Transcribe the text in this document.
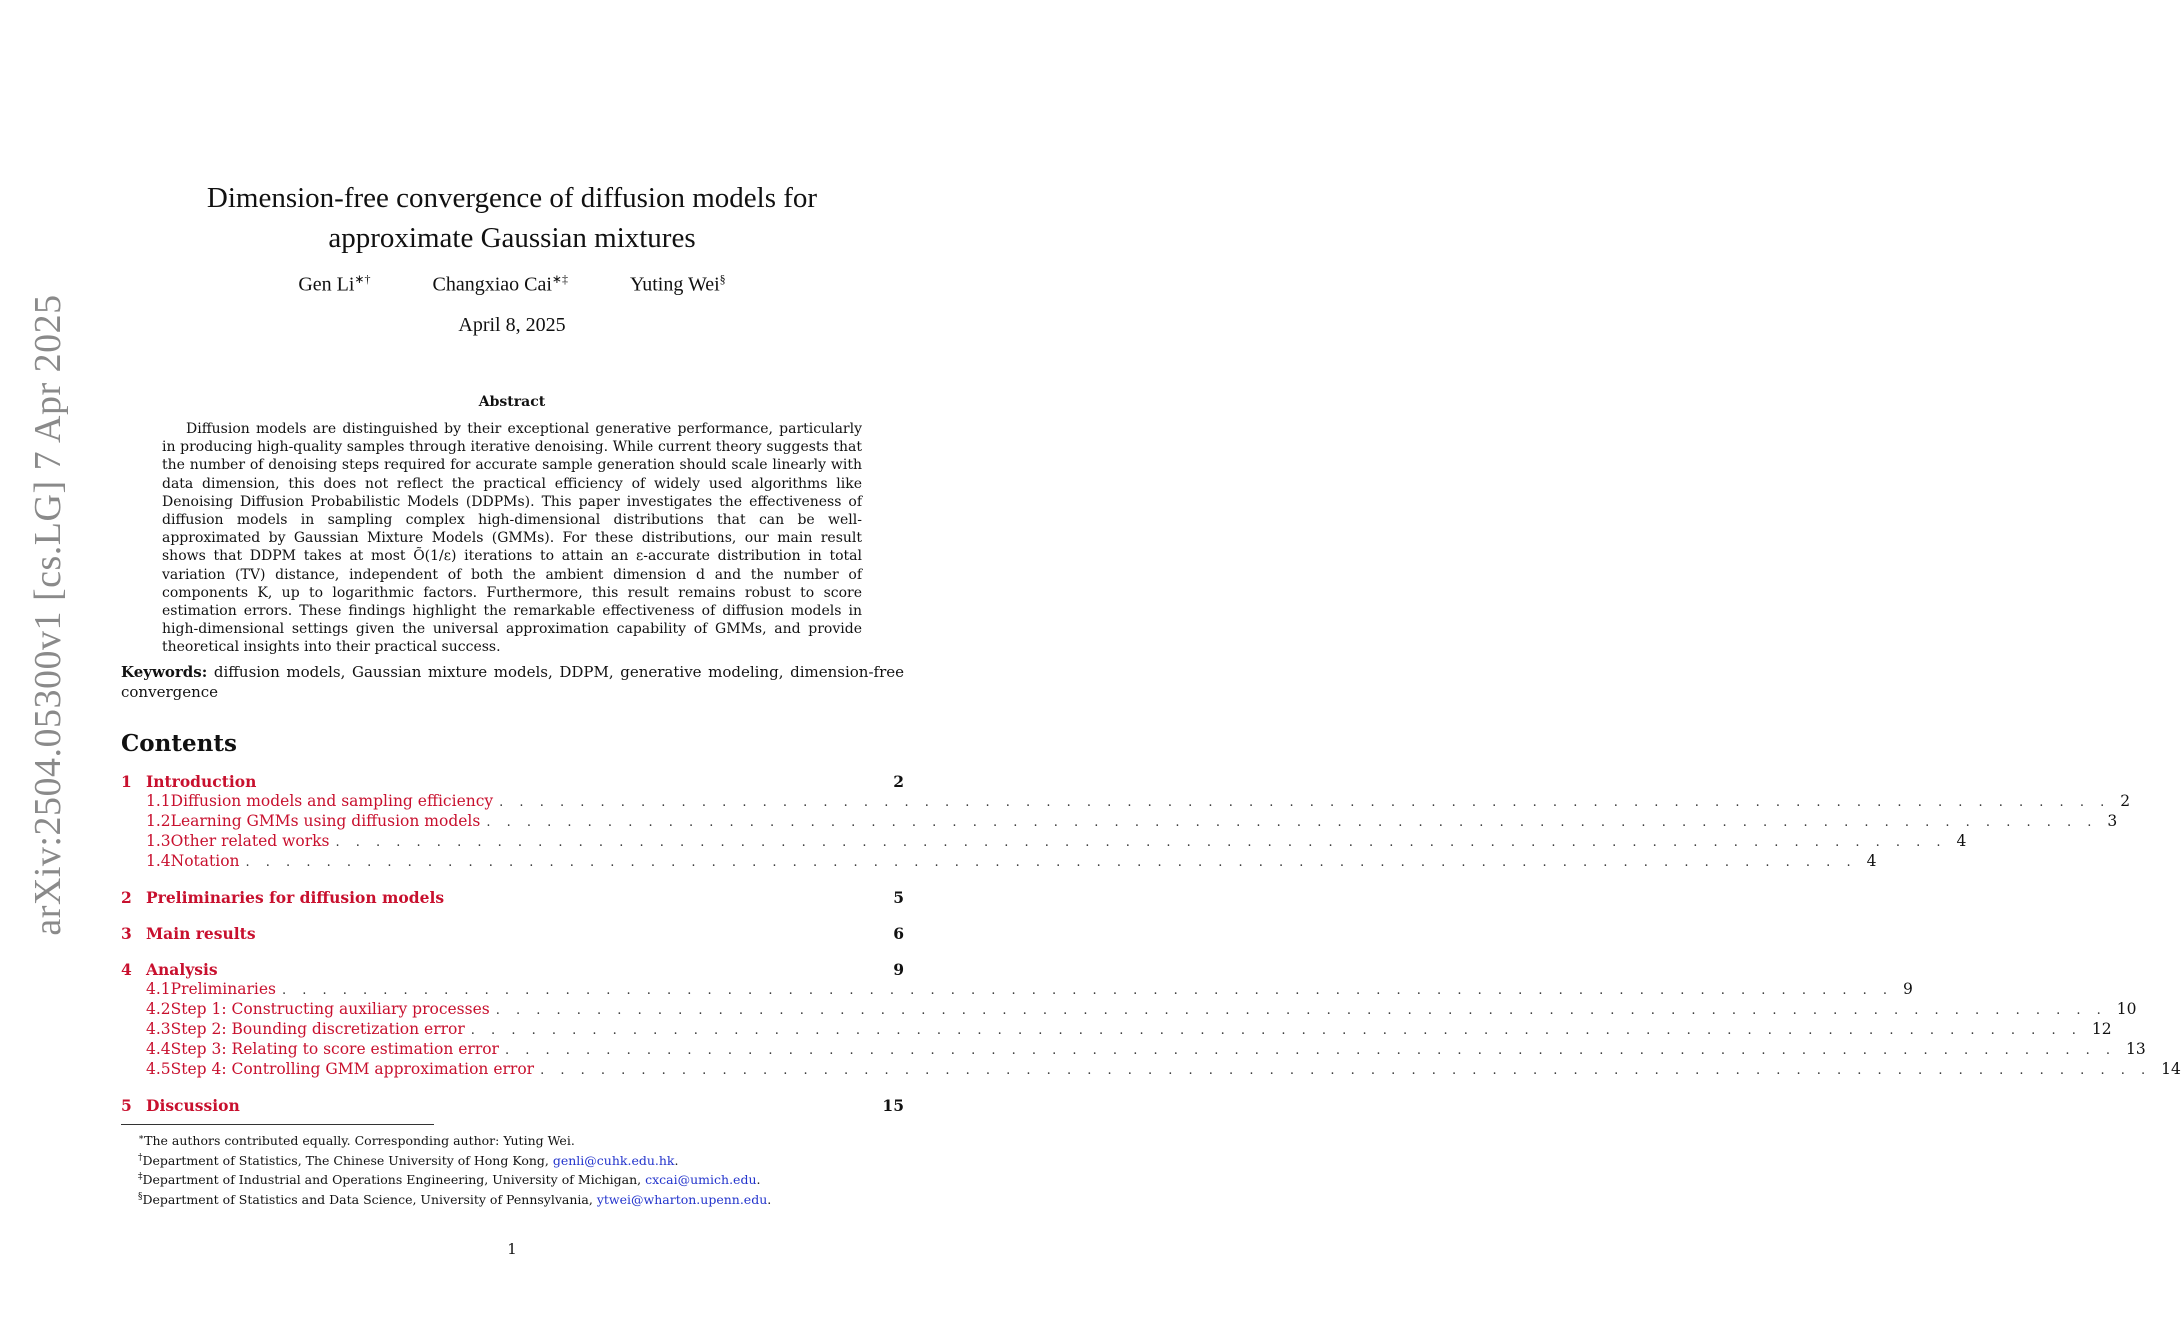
arXiv:2504.05300v1 [cs.LG] 7 Apr 2025
Dimension-free convergence of diffusion models for
approximate Gaussian mixtures
Gen Li∗†	Changxiao Cai∗‡	Yuting Wei§
April 8, 2025
Abstract

Diffusion models are distinguished by their exceptional generative performance, particularly in producing high-quality samples through iterative denoising. While current theory suggests that the number of denoising steps required for accurate sample generation should scale linearly with data dimension, this does not reflect the practical efficiency of widely used algorithms like Denoising Diffusion Probabilistic Models (DDPMs). This paper investigates the effectiveness of diffusion models in sampling complex high-dimensional distributions that can be well-approximated by Gaussian Mixture Models (GMMs). For these distributions, our main result shows that DDPM takes at most Õ(1/ε) iterations to attain an ε-accurate distribution in total variation (TV) distance, independent of both the ambient dimension d and the number of components K, up to logarithmic factors. Furthermore, this result remains robust to score estimation errors. These findings highlight the remarkable effectiveness of diffusion models in high-dimensional settings given the universal approximation capability of GMMs, and provide theoretical insights into their practical success.

Keywords: diffusion models, Gaussian mixture models, DDPM, generative modeling, dimension-free convergence

Contents
1 Introduction	2
1.1 Diffusion models and sampling efficiency . . . . . . . . . . . . . . . . . . . . . . . . . . . . . . . . . . . . . . . . . . . . . . . . . . . . . . . . . . . . . . . . . . . . . . . . . . . . . . . . 2
1.2 Learning GMMs using diffusion models . . . . . . . . . . . . . . . . . . . . . . . . . . . . . . . . . . . . . . . . . . . . . . . . . . . . . . . . . . . . . . . . . . . . . . . . . . . . . . . . 3
1.3 Other related works . . . . . . . . . . . . . . . . . . . . . . . . . . . . . . . . . . . . . . . . . . . . . . . . . . . . . . . . . . . . . . . . . . . . . . . . . . . . . . . . 4
1.4 Notation . . . . . . . . . . . . . . . . . . . . . . . . . . . . . . . . . . . . . . . . . . . . . . . . . . . . . . . . . . . . . . . . . . . . . . . . . . . . . . . . 4
2 Preliminaries for diffusion models	5
3 Main results	6
4 Analysis	9
4.1 Preliminaries . . . . . . . . . . . . . . . . . . . . . . . . . . . . . . . . . . . . . . . . . . . . . . . . . . . . . . . . . . . . . . . . . . . . . . . . . . . . . . . . 9
4.2 Step 1: Constructing auxiliary processes . . . . . . . . . . . . . . . . . . . . . . . . . . . . . . . . . . . . . . . . . . . . . . . . . . . . . . . . . . . . . . . . . . . . . . . . . . . . . . . . 10
4.3 Step 2: Bounding discretization error . . . . . . . . . . . . . . . . . . . . . . . . . . . . . . . . . . . . . . . . . . . . . . . . . . . . . . . . . . . . . . . . . . . . . . . . . . . . . . . . 12
4.4 Step 3: Relating to score estimation error . . . . . . . . . . . . . . . . . . . . . . . . . . . . . . . . . . . . . . . . . . . . . . . . . . . . . . . . . . . . . . . . . . . . . . . . . . . . . . . . 13
4.5 Step 4: Controlling GMM approximation error . . . . . . . . . . . . . . . . . . . . . . . . . . . . . . . . . . . . . . . . . . . . . . . . . . . . . . . . . . . . . . . . . . . . . . . . . . . . . . . . 14
5 Discussion	15
∗The authors contributed equally. Corresponding author: Yuting Wei.
†Department of Statistics, The Chinese University of Hong Kong, genli@cuhk.edu.hk.
‡Department of Industrial and Operations Engineering, University of Michigan, cxcai@umich.edu.
§Department of Statistics and Data Science, University of Pennsylvania, ytwei@wharton.upenn.edu.
1
